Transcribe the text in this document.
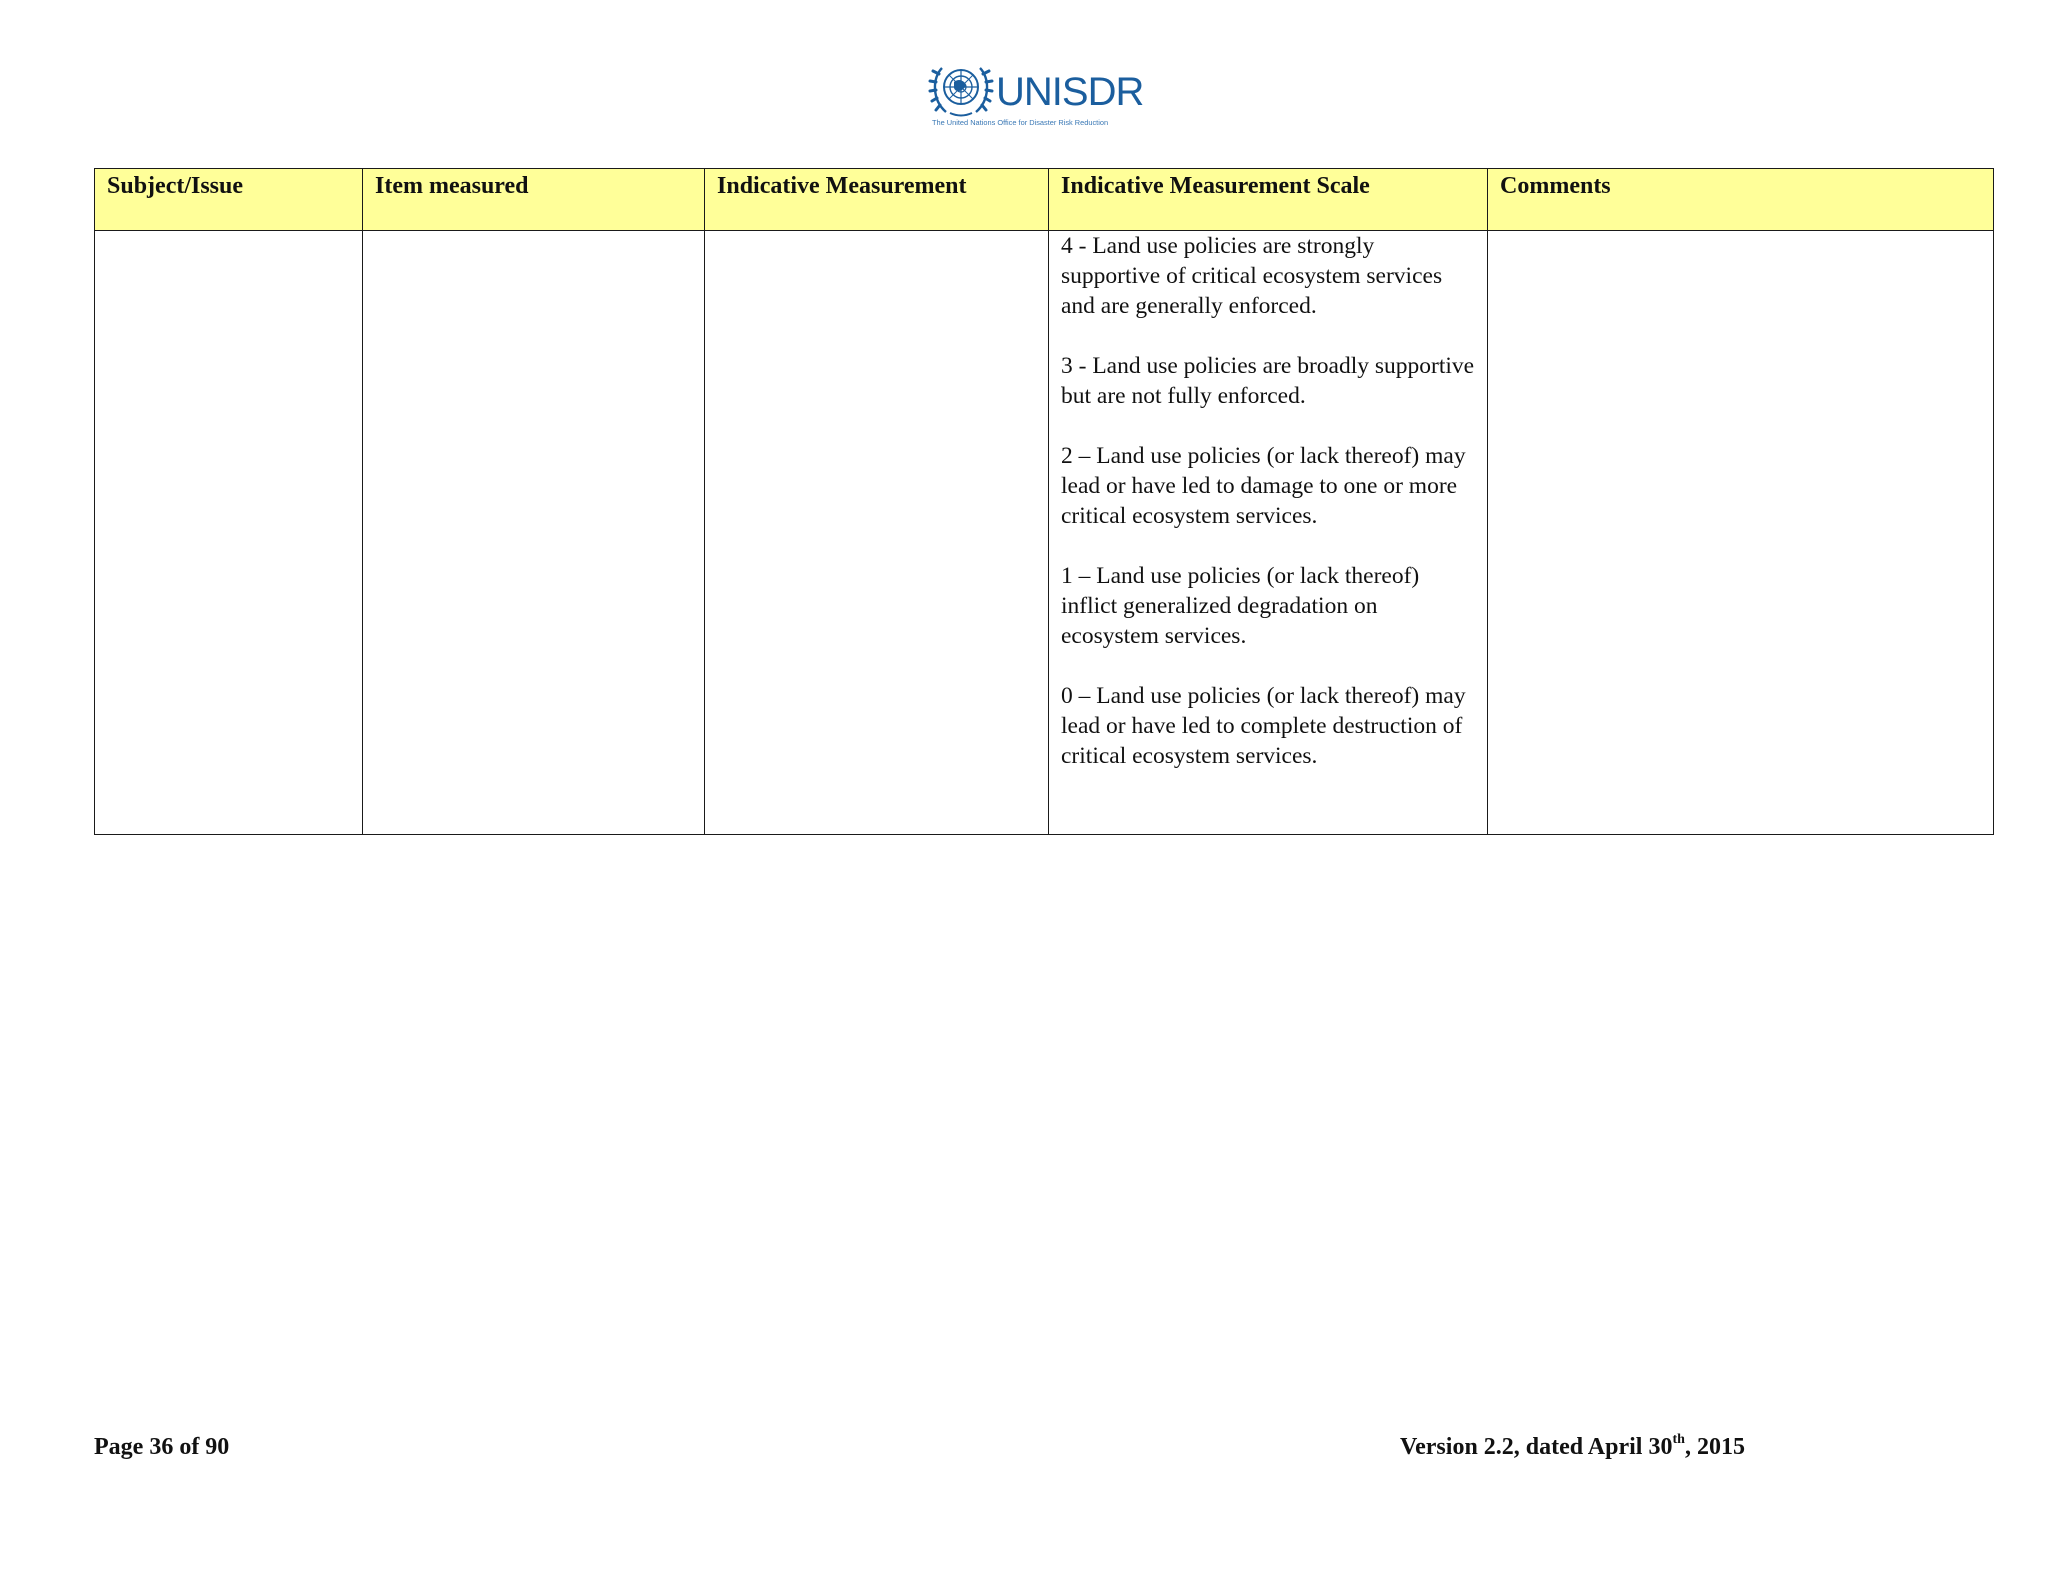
UNISDR
The United Nations Office for Disaster Risk Reduction
Subject/Issue	Item measured	Indicative Measurement	Indicative Measurement Scale	Comments

			4 - Land use policies are strongly supportive of critical ecosystem services and are generally enforced.
3 - Land use policies are broadly supportive but are not fully enforced.
2 – Land use policies (or lack thereof) may lead or have led to damage to one or more critical ecosystem services.
1 – Land use policies (or lack thereof) inflict generalized degradation on ecosystem services.
0 – Land use policies (or lack thereof) may lead or have led to complete destruction of critical ecosystem services.	

Page 36 of 90	Version 2.2, dated April 30th, 2015
